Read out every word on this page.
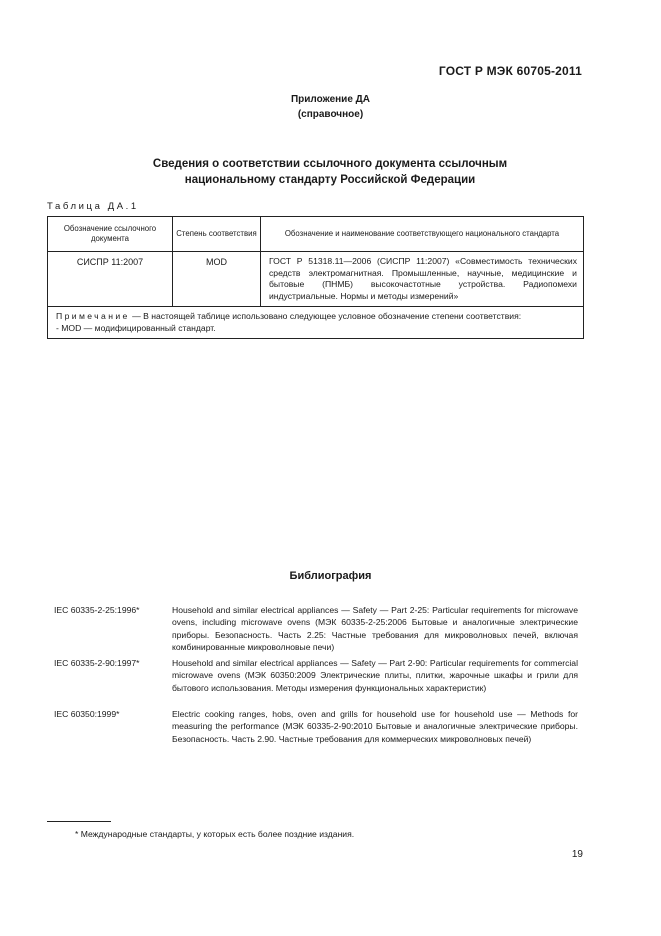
ГОСТ Р МЭК 60705-2011
Приложение ДА
(справочное)
Сведения о соответствии ссылочного документа ссылочным
национальному стандарту Российской Федерации
Таблица ДА.1
Обозначение ссылочного документа	Степень соответствия	Обозначение и наименование соответствующего национального стандарта
СИСПР 11:2007	MOD	ГОСТ Р 51318.11—2006 (СИСПР 11:2007) «Совместимость технических средств электромагнитная. Промышленные, научные, медицинские и бытовые (ПНМБ) высокочастотные устройства. Радиопомехи индустриальные. Нормы и методы измерений»

Примечание — В настоящей таблице использовано следующее условное обозначение степени соответствия:
- MOD — модифицированный стандарт.		
Библиография
IEC 60335-2-25:1996*	Household and similar electrical appliances — Safety — Part 2-25: Particular requirements for microwave ovens, including microwave ovens (МЭК 60335-2-25:2006 Бытовые и аналогичные электрические приборы. Безопасность. Часть 2.25: Частные требования для микроволновых печей, включая комбинированные микроволновые печи)
IEC 60335-2-90:1997*	Household and similar electrical appliances — Safety — Part 2-90: Particular requirements for commercial microwave ovens (МЭК 60350:2009 Электрические плиты, плитки, жарочные шкафы и грили для бытового использования. Методы измерения функциональных характеристик)
IEC 60350:1999*	Electric cooking ranges, hobs, oven and grills for household use for household use — Methods for measuring the performance (МЭК 60335-2-90:2010 Бытовые и аналогичные электрические приборы. Безопасность. Часть 2.90. Частные требования для коммерческих микроволновых печей)
* Международные стандарты, у которых есть более поздние издания.
19
